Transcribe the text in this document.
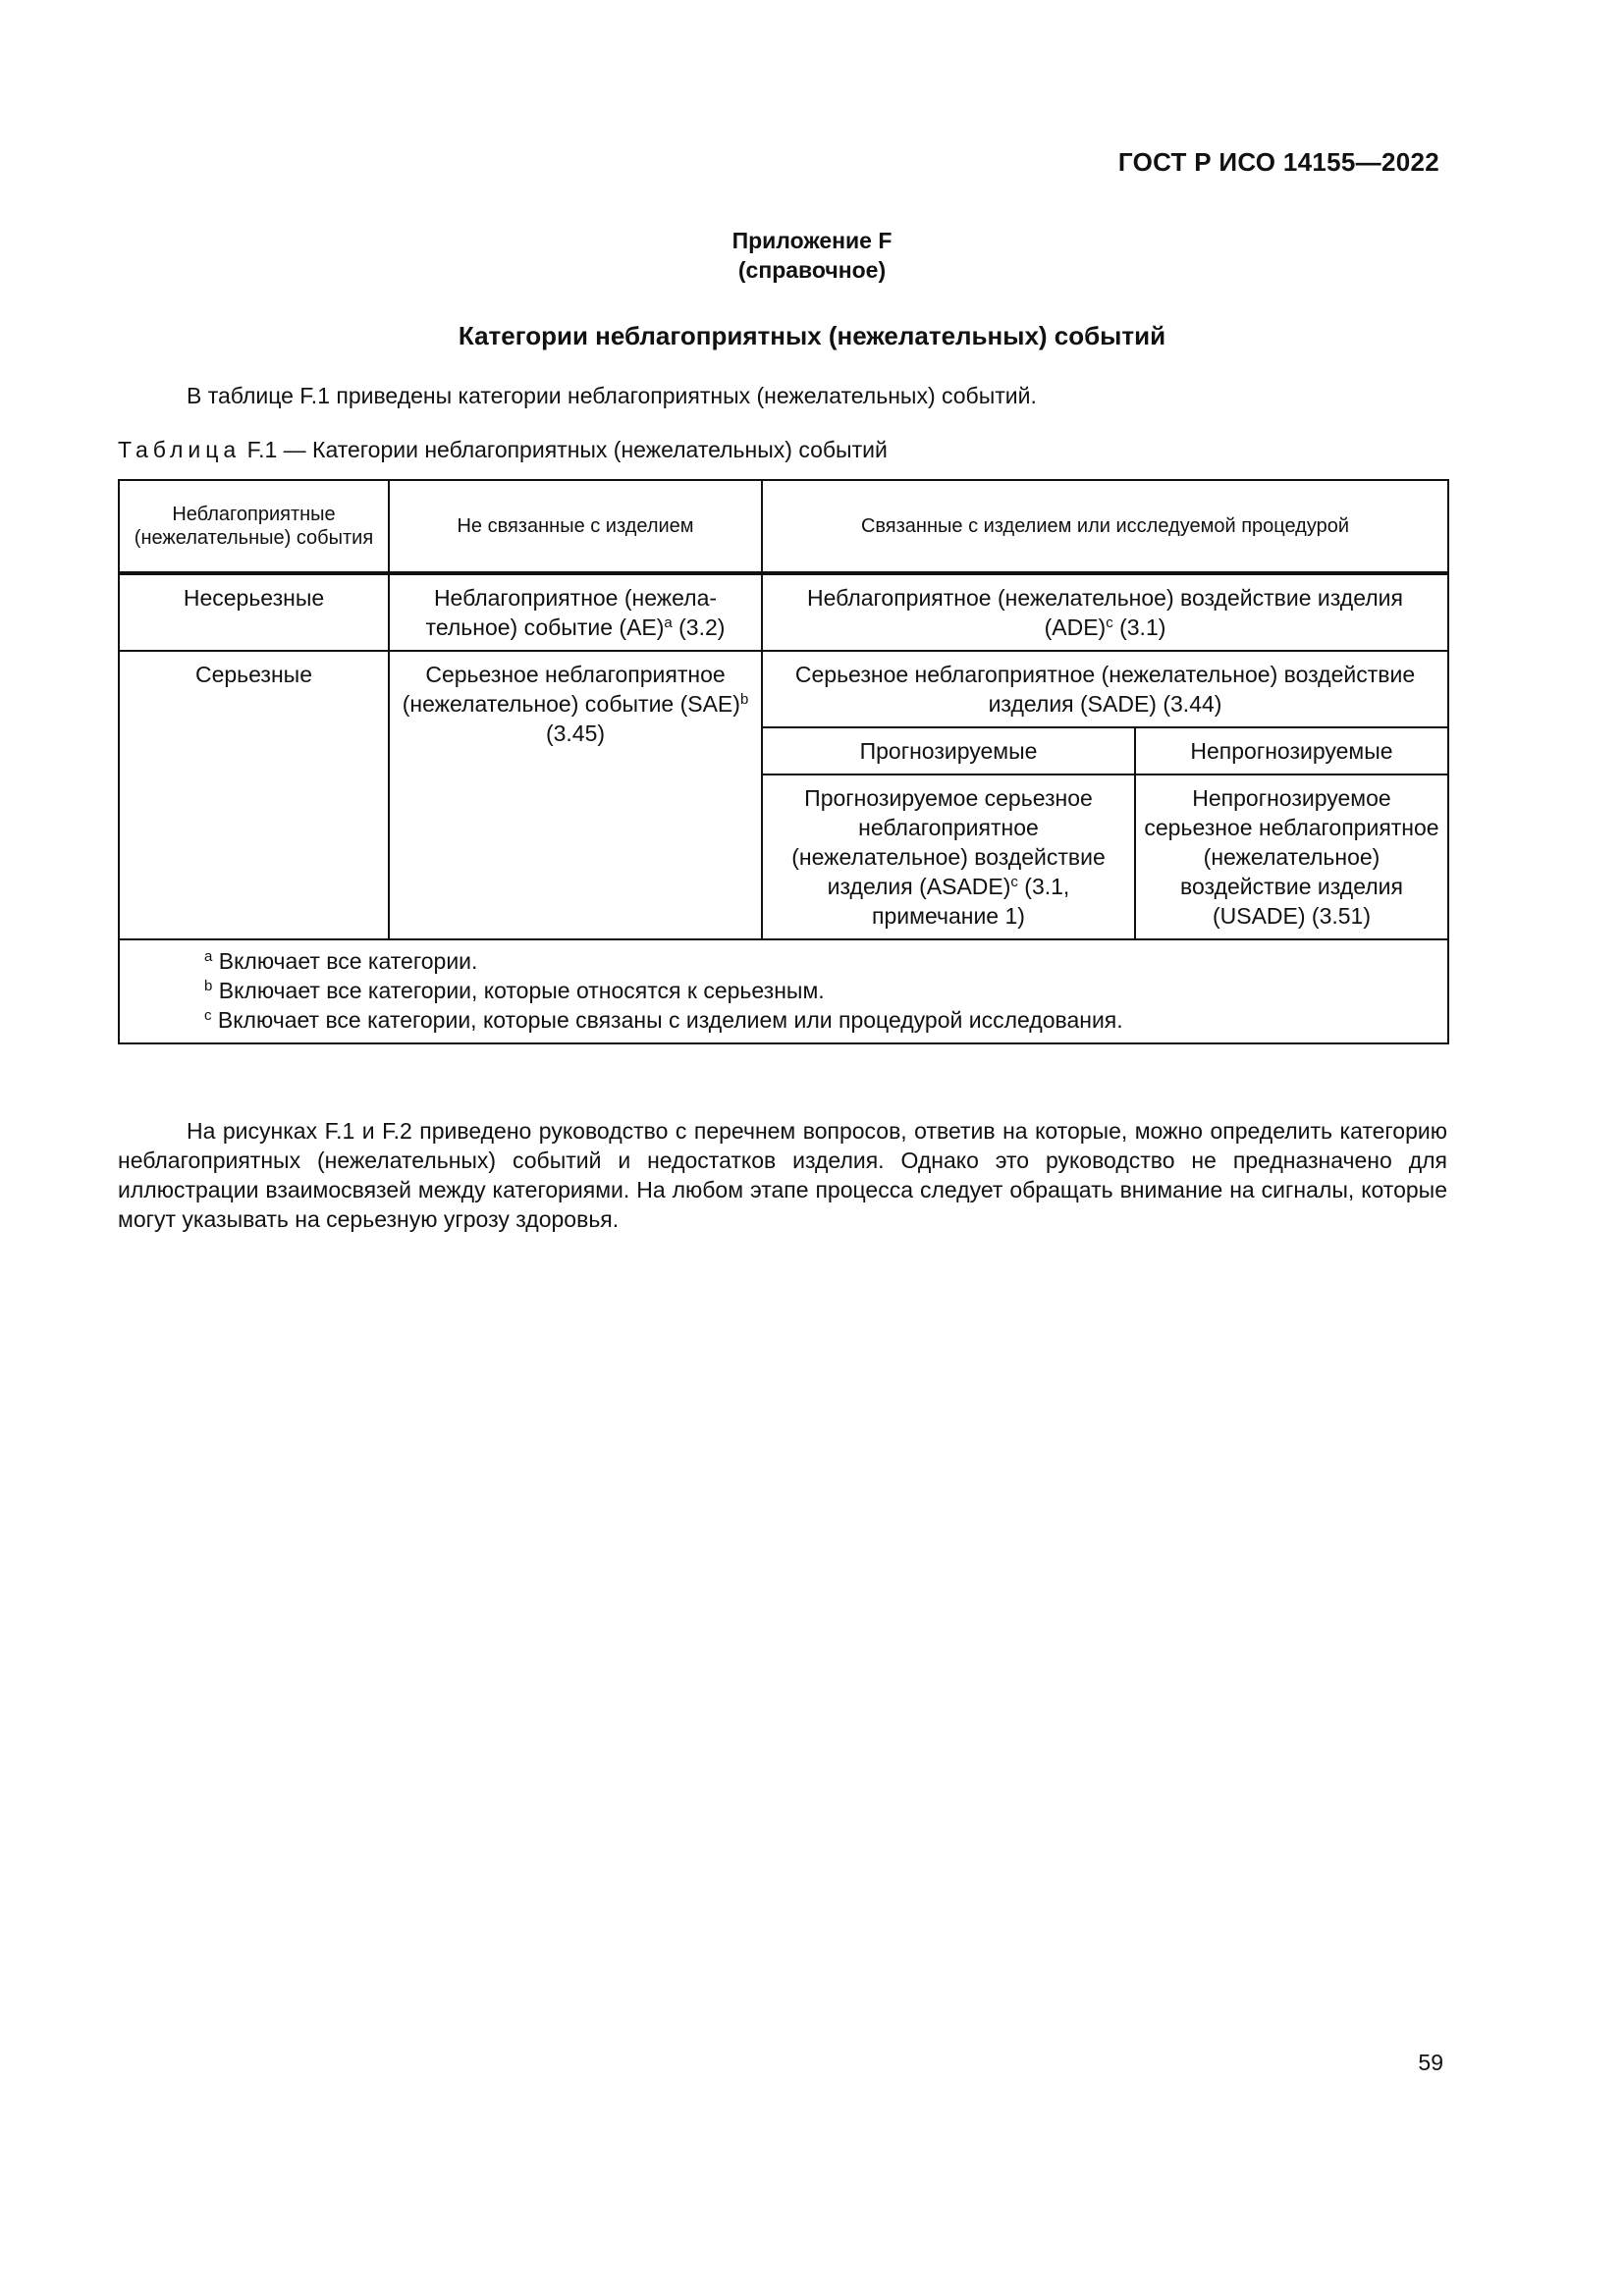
ГОСТ Р ИСО 14155—2022
Приложение F
(справочное)
Категории неблагоприятных (нежелательных) событий
В таблице F.1 приведены категории неблагоприятных (нежелательных) событий.
Таблица F.1 — Категории неблагоприятных (нежелательных) событий
Неблагоприятные (нежелательные) события	Не связанные с изделием	Связанные с изделием или исследуемой процедурой	
Несерьезные	Неблагоприятное (нежела-тельное) событие (AE)$^a$ (3.2)	Неблагоприятное (нежелательное) воздействие изделия (ADE)$^c$ (3.1)	
Серьезные	Серьезное неблагоприятное (нежелательное) событие (SAE)$^b$ (3.45)	Серьезное неблагоприятное (нежелательное) воздействие изделия (SADE) (3.44)	
		Прогнозируемые	Непрогнозируемые
		Прогнозируемое серьезное неблагоприятное (нежелательное) воздействие изделия (ASADE)$^c$ (3.1, примечание 1)	Непрогнозируемое серьезное неблагоприятное (нежелательное) воздействие изделия (USADE) (3.51)

$^a$ Включает все категории.
$^b$ Включает все категории, которые относятся к серьезным.
$^c$ Включает все категории, которые связаны с изделием или процедурой исследования.			
На рисунках F.1 и F.2 приведено руководство с перечнем вопросов, ответив на которые, можно определить категорию неблагоприятных (нежелательных) событий и недостатков изделия. Однако это руководство не предназначено для иллюстрации взаимосвязей между категориями. На любом этапе процесса следует обращать внимание на сигналы, которые могут указывать на серьезную угрозу здоровья.
59
